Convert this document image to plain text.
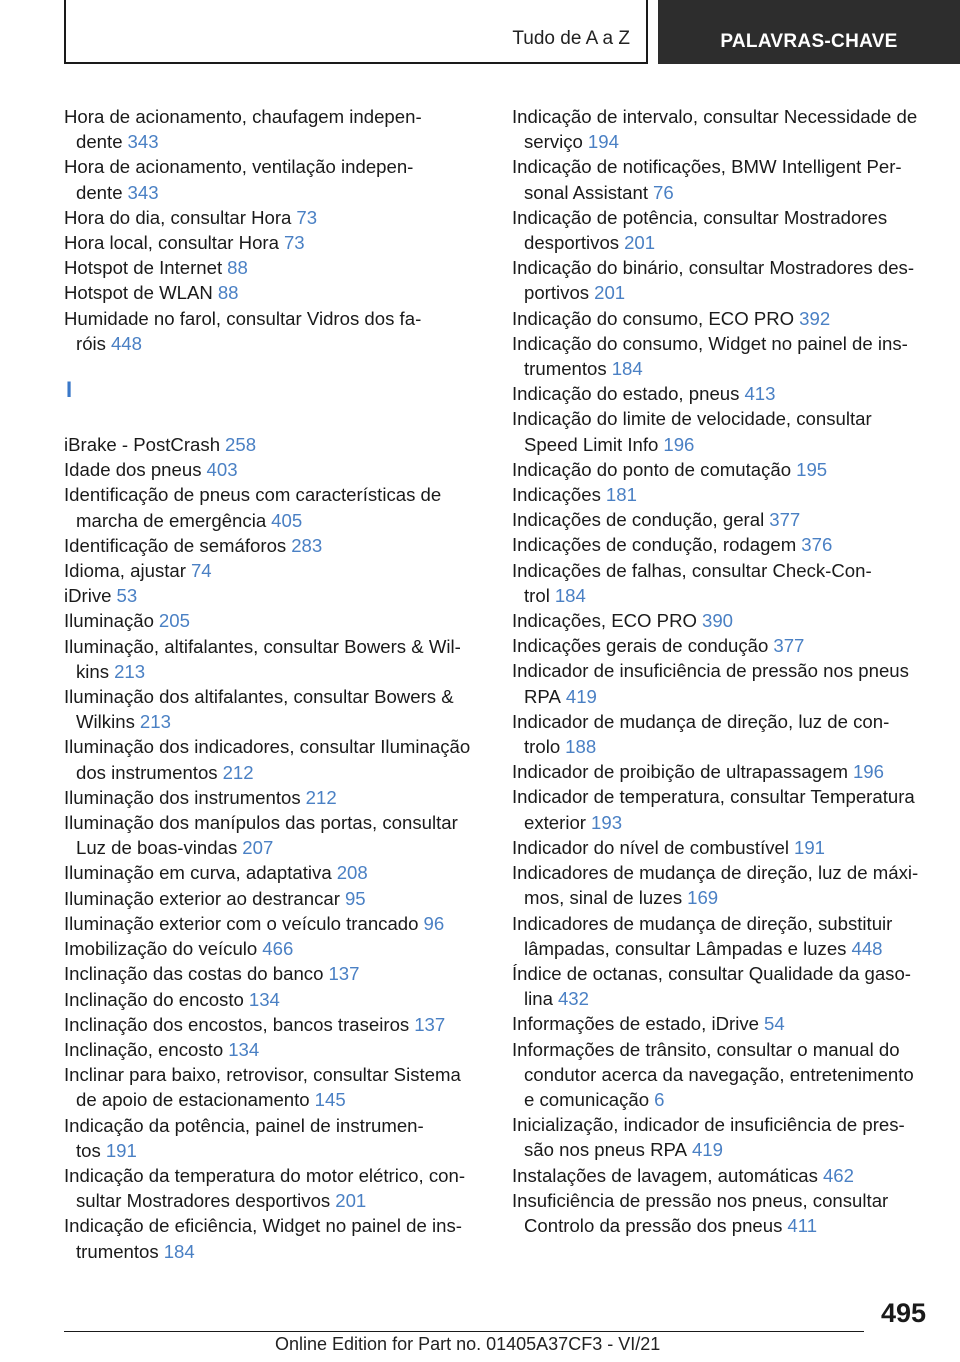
Tudo de A a Z	PALAVRAS-CHAVE
Hora de acionamento, chaufagem indepen-
dente 343
Hora de acionamento, ventilação indepen-
dente 343
Hora do dia, consultar Hora 73
Hora local, consultar Hora 73
Hotspot de Internet 88
Hotspot de WLAN 88
Humidade no farol, consultar Vidros dos fa-
róis 448
I
iBrake - PostCrash 258
Idade dos pneus 403
Identificação de pneus com características de
marcha de emergência 405
Identificação de semáforos 283
Idioma, ajustar 74
iDrive 53
Iluminação 205
Iluminação, altifalantes, consultar Bowers & Wil-
kins 213
Iluminação dos altifalantes, consultar Bowers &
Wilkins 213
Iluminação dos indicadores, consultar Iluminação
dos instrumentos 212
Iluminação dos instrumentos 212
Iluminação dos manípulos das portas, consultar
Luz de boas-vindas 207
Iluminação em curva, adaptativa 208
Iluminação exterior ao destrancar 95
Iluminação exterior com o veículo trancado 96
Imobilização do veículo 466
Inclinação das costas do banco 137
Inclinação do encosto 134
Inclinação dos encostos, bancos traseiros 137
Inclinação, encosto 134
Inclinar para baixo, retrovisor, consultar Sistema
de apoio de estacionamento 145
Indicação da potência, painel de instrumen-
tos 191
Indicação da temperatura do motor elétrico, con-
sultar Mostradores desportivos 201
Indicação de eficiência, Widget no painel de ins-
trumentos 184
Indicação de intervalo, consultar Necessidade de
serviço 194
Indicação de notificações, BMW Intelligent Per-
sonal Assistant 76
Indicação de potência, consultar Mostradores
desportivos 201
Indicação do binário, consultar Mostradores des-
portivos 201
Indicação do consumo, ECO PRO 392
Indicação do consumo, Widget no painel de ins-
trumentos 184
Indicação do estado, pneus 413
Indicação do limite de velocidade, consultar
Speed Limit Info 196
Indicação do ponto de comutação 195
Indicações 181
Indicações de condução, geral 377
Indicações de condução, rodagem 376
Indicações de falhas, consultar Check-Con-
trol 184
Indicações, ECO PRO 390
Indicações gerais de condução 377
Indicador de insuficiência de pressão nos pneus
RPA 419
Indicador de mudança de direção, luz de con-
trolo 188
Indicador de proibição de ultrapassagem 196
Indicador de temperatura, consultar Temperatura
exterior 193
Indicador do nível de combustível 191
Indicadores de mudança de direção, luz de máxi-
mos, sinal de luzes 169
Indicadores de mudança de direção, substituir
lâmpadas, consultar Lâmpadas e luzes 448
Índice de octanas, consultar Qualidade da gaso-
lina 432
Informações de estado, iDrive 54
Informações de trânsito, consultar o manual do
condutor acerca da navegação, entretenimento
e comunicação 6
Inicialização, indicador de insuficiência de pres-
são nos pneus RPA 419
Instalações de lavagem, automáticas 462
Insuficiência de pressão nos pneus, consultar
Controlo da pressão dos pneus 411
495
Online Edition for Part no. 01405A37CF3 - VI/21
